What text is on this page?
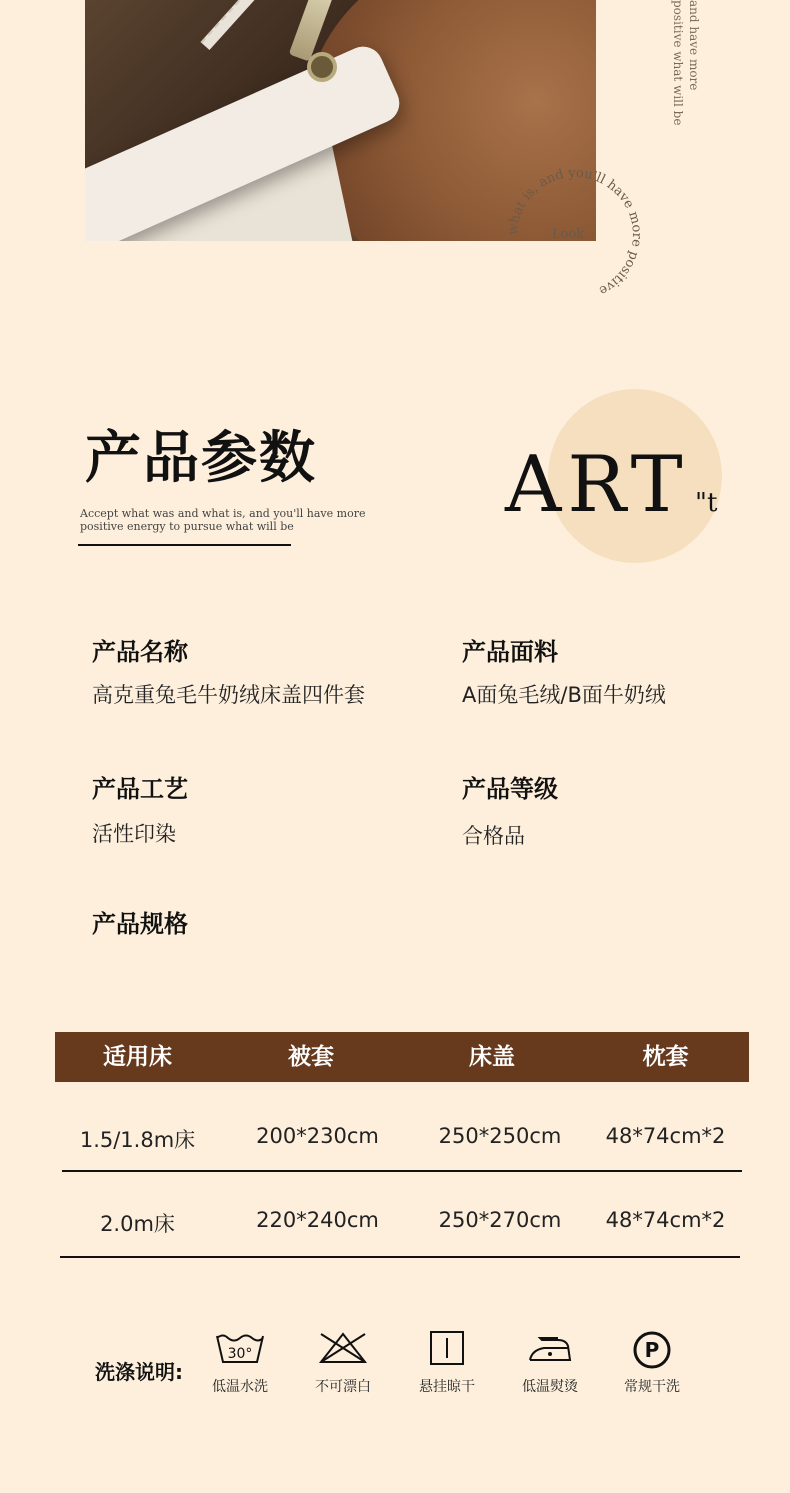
and have more positive what will be
what is, and you'll have more positive
Look
ART "t
产品参数
Accept what was and what is, and you'll have more positive energy to pursue what will be
产品名称
高克重兔毛牛奶绒床盖四件套
产品面料
A面兔毛绒/B面牛奶绒
产品工艺
活性印染
产品等级
合格品
产品规格
适用床	被套	床盖	枕套
1.5/1.8m床	200*230cm	250*250cm	48*74cm*2
2.0m床	220*240cm	250*270cm	48*74cm*2
洗涤说明:
30°
低温水洗	不可漂白	悬挂晾干	低温熨烫
P
常规干洗
